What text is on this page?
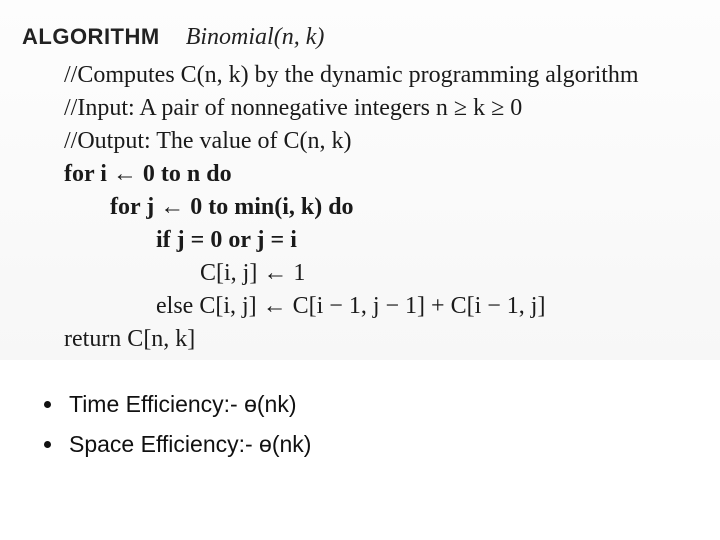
ALGORITHM Binomial(n, k)
//Computes C(n, k) by the dynamic programming algorithm
//Input: A pair of nonnegative integers n ≥ k ≥ 0
//Output: The value of C(n, k)
for i ← 0 to n do
for j ← 0 to min(i, k) do
if j = 0 or j = i
C[i, j] ← 1
else C[i, j] ← C[i − 1, j − 1] + C[i − 1, j]
return C[n, k]
Time Efficiency:- ɵ(nk)
Space Efficiency:- ɵ(nk)
